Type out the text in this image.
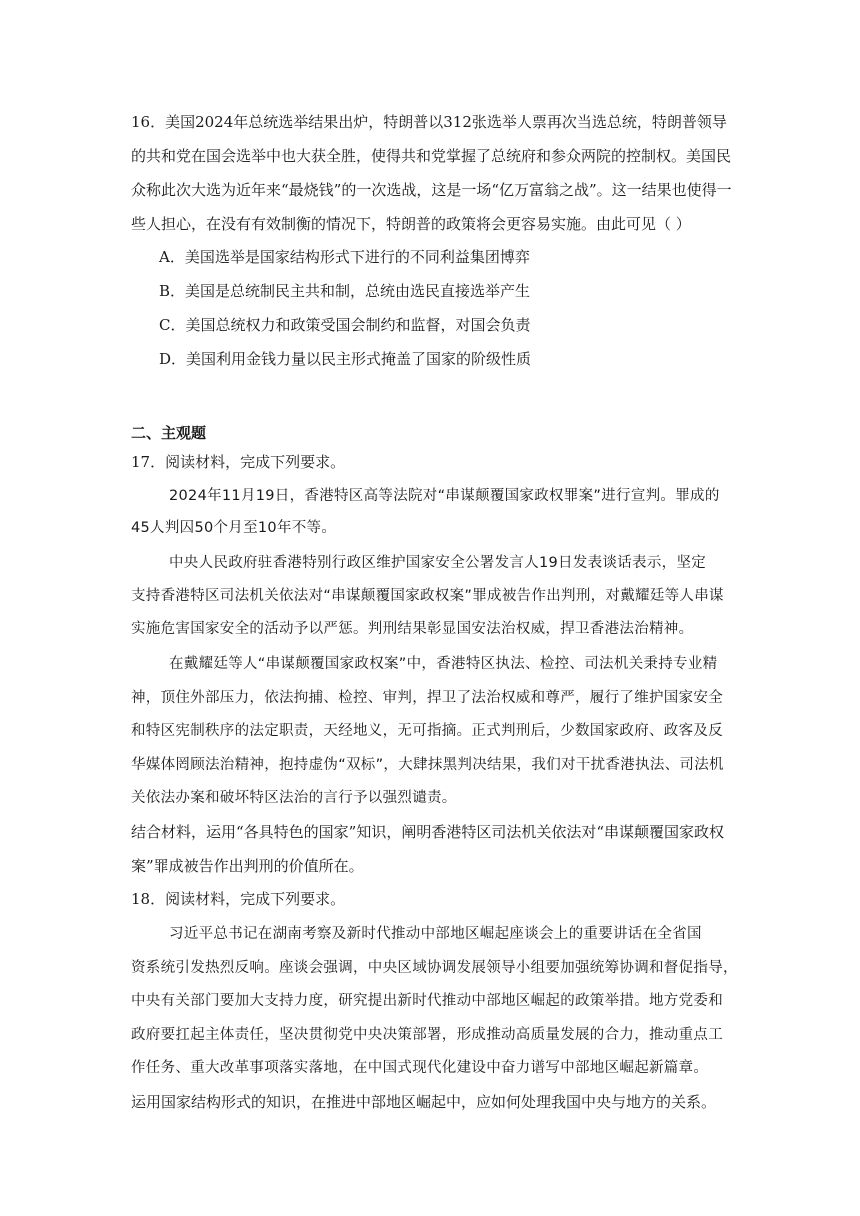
16．美国2024年总统选举结果出炉，特朗普以312张选举人票再次当选总统，特朗普领导
的共和党在国会选举中也大获全胜，使得共和党掌握了总统府和参众两院的控制权。美国民
众称此次大选为近年来“最烧钱”的一次选战，这是一场“亿万富翁之战”。这一结果也使得一
些人担心，在没有有效制衡的情况下，特朗普的政策将会更容易实施。由此可见（ ）
A．美国选举是国家结构形式下进行的不同利益集团博弈
B．美国是总统制民主共和制，总统由选民直接选举产生
C．美国总统权力和政策受国会制约和监督，对国会负责
D．美国利用金钱力量以民主形式掩盖了国家的阶级性质
二、主观题
17．阅读材料，完成下列要求。
2024年11月19日，香港特区高等法院对“串谋颠覆国家政权罪案”进行宣判。罪成的
45人判囚50个月至10年不等。
中央人民政府驻香港特别行政区维护国家安全公署发言人19日发表谈话表示，坚定
支持香港特区司法机关依法对“串谋颠覆国家政权案”罪成被告作出判刑，对戴耀廷等人串谋
实施危害国家安全的活动予以严惩。判刑结果彰显国安法治权威，捍卫香港法治精神。
在戴耀廷等人“串谋颠覆国家政权案”中，香港特区执法、检控、司法机关秉持专业精
神，顶住外部压力，依法拘捕、检控、审判，捍卫了法治权威和尊严，履行了维护国家安全
和特区宪制秩序的法定职责，天经地义，无可指摘。正式判刑后，少数国家政府、政客及反
华媒体罔顾法治精神，抱持虚伪“双标”，大肆抹黑判决结果，我们对干扰香港执法、司法机
关依法办案和破坏特区法治的言行予以强烈谴责。
结合材料，运用“各具特色的国家”知识，阐明香港特区司法机关依法对“串谋颠覆国家政权
案”罪成被告作出判刑的价值所在。
18．阅读材料，完成下列要求。
习近平总书记在湖南考察及新时代推动中部地区崛起座谈会上的重要讲话在全省国
资系统引发热烈反响。座谈会强调，中央区域协调发展领导小组要加强统筹协调和督促指导，
中央有关部门要加大支持力度，研究提出新时代推动中部地区崛起的政策举措。地方党委和
政府要扛起主体责任，坚决贯彻党中央决策部署，形成推动高质量发展的合力，推动重点工
作任务、重大改革事项落实落地，在中国式现代化建设中奋力谱写中部地区崛起新篇章。
运用国家结构形式的知识，在推进中部地区崛起中，应如何处理我国中央与地方的关系。
